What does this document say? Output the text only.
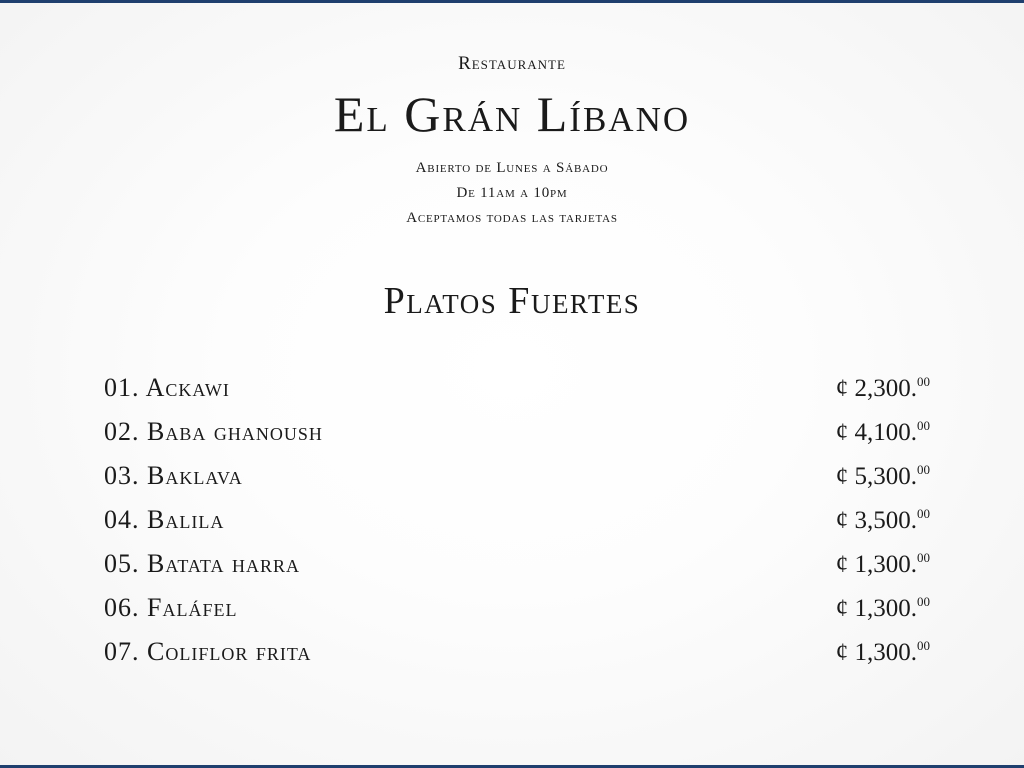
Restaurante
El Grán Líbano
Abierto de Lunes a Sábado
De 11am a 10pm
Aceptamos todas las tarjetas
Platos Fuertes
01. Ackawi	¢ 2,300.00
02. Baba ghanoush	¢ 4,100.00
03. Baklava	¢ 5,300.00
04. Balila	¢ 3,500.00
05. Batata harra	¢ 1,300.00
06. Faláfel	¢ 1,300.00
07. Coliflor frita	¢ 1,300.00
